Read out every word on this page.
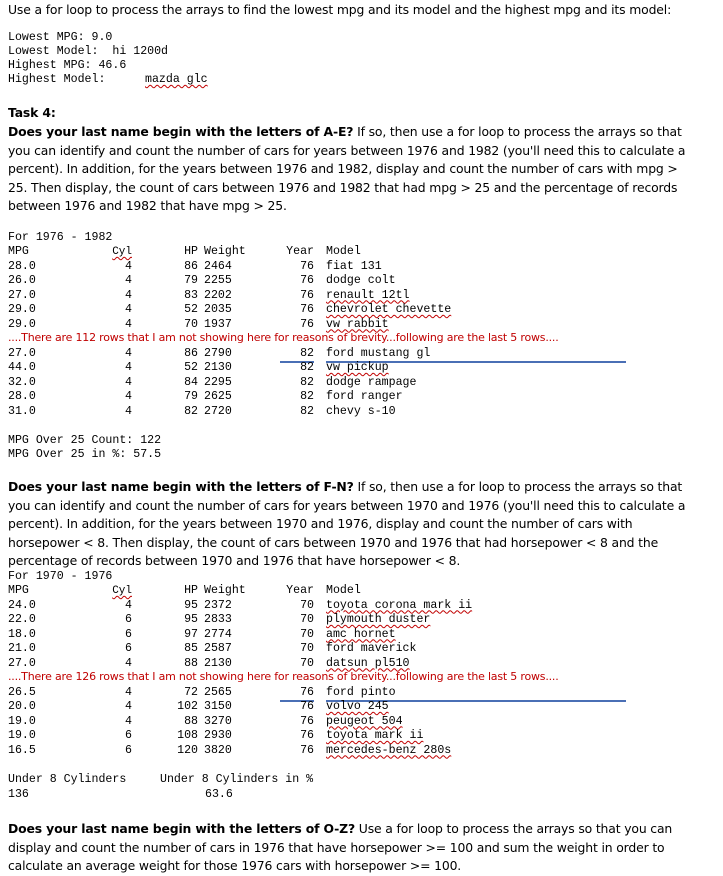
Use a for loop to process the arrays to find the lowest mpg and its model and the highest mpg and its model:
Lowest MPG: 9.0
Lowest Model:  hi 1200d
Highest MPG: 46.6
Highest Model:	mazda glc
Task 4:

Does your last name begin with the letters of A-E? If so, then use a for loop to process the arrays so that you can identify and count the number of cars for years between 1976 and 1982 (you'll need this to calculate a percent). In addition, for the years between 1976 and 1982, display and count the number of cars with mpg > 25. Then display, the count of cars between 1976 and 1982 that had mpg > 25 and the percentage of records between 1976 and 1982 that have mpg > 25.

For 1976 - 1982
MPG	Cyl	HP Weight	Year Model
28.0	4	86 2464	76 fiat 131
26.0	4	79 2255	76 dodge colt
27.0	4	83 2202	76 renault 12tl
29.0	4	52 2035	76 chevrolet chevette
29.0	4	70 1937	76 vw rabbit
....There are 112 rows that I am not showing here for reasons of brevity...following are the last 5 rows....
27.0	4	86 2790	82 ford mustang gl
44.0	4	52 2130	82 vw pickup
32.0	4	84 2295	82 dodge rampage
28.0	4	79 2625	82 ford ranger
31.0	4	82 2720	82 chevy s-10
MPG Over 25 Count: 122
MPG Over 25 in %: 57.5

Does your last name begin with the letters of F-N? If so, then use a for loop to process the arrays so that you can identify and count the number of cars for years between 1970 and 1976 (you'll need this to calculate a percent). In addition, for the years between 1970 and 1976, display and count the number of cars with horsepower < 8. Then display, the count of cars between 1970 and 1976 that had horsepower < 8 and the percentage of records between 1970 and 1976 that have horsepower < 8.

For 1970 - 1976
MPG	Cyl	HP Weight	Year Model
24.0	4	95 2372	70 toyota corona mark ii
22.0	6	95 2833	70 plymouth duster
18.0	6	97 2774	70 amc hornet
21.0	6	85 2587	70 ford maverick
27.0	4	88 2130	70 datsun pl510
....There are 126 rows that I am not showing here for reasons of brevity...following are the last 5 rows....
26.5	4	72 2565	76 ford pinto
20.0	4	102 3150	76 volvo 245
19.0	4	88 3270	76 peugeot 504
19.0	6	108 2930	76 toyota mark ii
16.5	6	120 3820	76 mercedes-benz 280s
Under 8 Cylinders	Under 8 Cylinders in %
136	63.6

Does your last name begin with the letters of O-Z? Use a for loop to process the arrays so that you can display and count the number of cars in 1976 that have horsepower >= 100 and sum the weight in order to calculate an average weight for those 1976 cars with horsepower >= 100.
